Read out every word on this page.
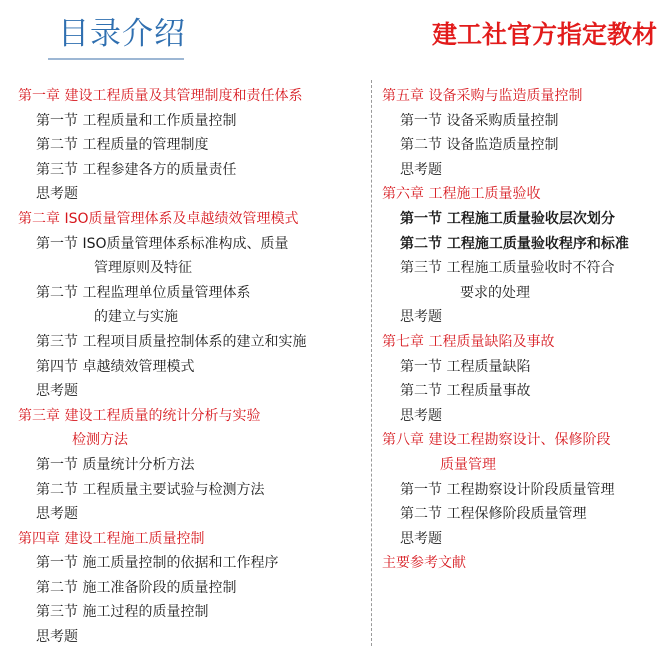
目录介绍	建工社官方指定教材
第一章 建设工程质量及其管理制度和责任体系
第一节 工程质量和工作质量控制
第二节 工程质量的管理制度
第三节 工程参建各方的质量责任
思考题
第二章 ISO质量管理体系及卓越绩效管理模式
第一节 ISO质量管理体系标准构成、质量
管理原则及特征
第二节 工程监理单位质量管理体系
的建立与实施
第三节 工程项目质量控制体系的建立和实施
第四节 卓越绩效管理模式
思考题
第三章 建设工程质量的统计分析与实验
检测方法
第一节 质量统计分析方法
第二节 工程质量主要试验与检测方法
思考题
第四章 建设工程施工质量控制
第一节 施工质量控制的依据和工作程序
第二节 施工准备阶段的质量控制
第三节 施工过程的质量控制
思考题
第五章 设备采购与监造质量控制
第一节 设备采购质量控制
第二节 设备监造质量控制
思考题
第六章 工程施工质量验收
第一节 工程施工质量验收层次划分
第二节 工程施工质量验收程序和标准
第三节 工程施工质量验收时不符合
要求的处理
思考题
第七章 工程质量缺陷及事故
第一节 工程质量缺陷
第二节 工程质量事故
思考题
第八章 建设工程勘察设计、保修阶段
质量管理
第一节 工程勘察设计阶段质量管理
第二节 工程保修阶段质量管理
思考题
主要参考文献
